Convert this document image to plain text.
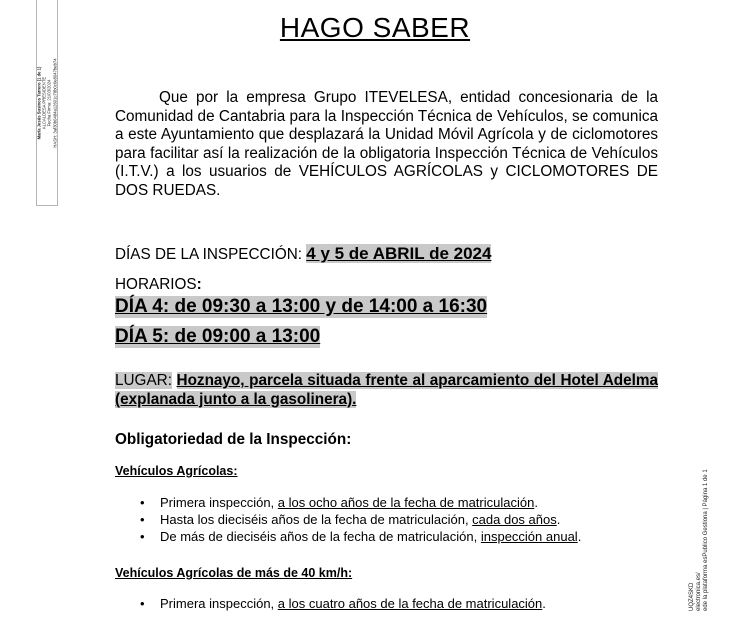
María Jesús Susinos Tarrero (1 de 1) ALCALDESA PRESIDENTE Fecha Firma: 21/03/2024 HASH: 3af30b0484a12601c78b0c6e8047beb74
UQZ4SKD electronica.es/ ede la plataforma esPublico Gestiona | Página 1 de 1
HAGO SABER
Que por la empresa Grupo ITEVELESA, entidad concesionaria de la Comunidad de Cantabria para la Inspección Técnica de Vehículos, se comunica a este Ayuntamiento que desplazará la Unidad Móvil Agrícola y de ciclomotores para facilitar así la realización de la obligatoria Inspección Técnica de Vehículos (I.T.V.) a los usuarios de VEHÍCULOS AGRÍCOLAS y CICLOMOTORES DE DOS RUEDAS.
DÍAS DE LA INSPECCIÓN: 4 y 5 de ABRIL de 2024
HORARIOS:
DÍA 4: de 09:30 a 13:00 y de 14:00 a 16:30
DÍA 5: de 09:00 a 13:00
LUGAR: Hoznayo, parcela situada frente al aparcamiento del Hotel Adelma (explanada junto a la gasolinera).
Obligatoriedad de la Inspección:
Vehículos Agrícolas:
• Primera inspección, a los ocho años de la fecha de matriculación.
• Hasta los dieciséis años de la fecha de matriculación, cada dos años.
• De más de dieciséis años de la fecha de matriculación, inspección anual.
Vehículos Agrícolas de más de 40 km/h:
• Primera inspección, a los cuatro años de la fecha de matriculación.
